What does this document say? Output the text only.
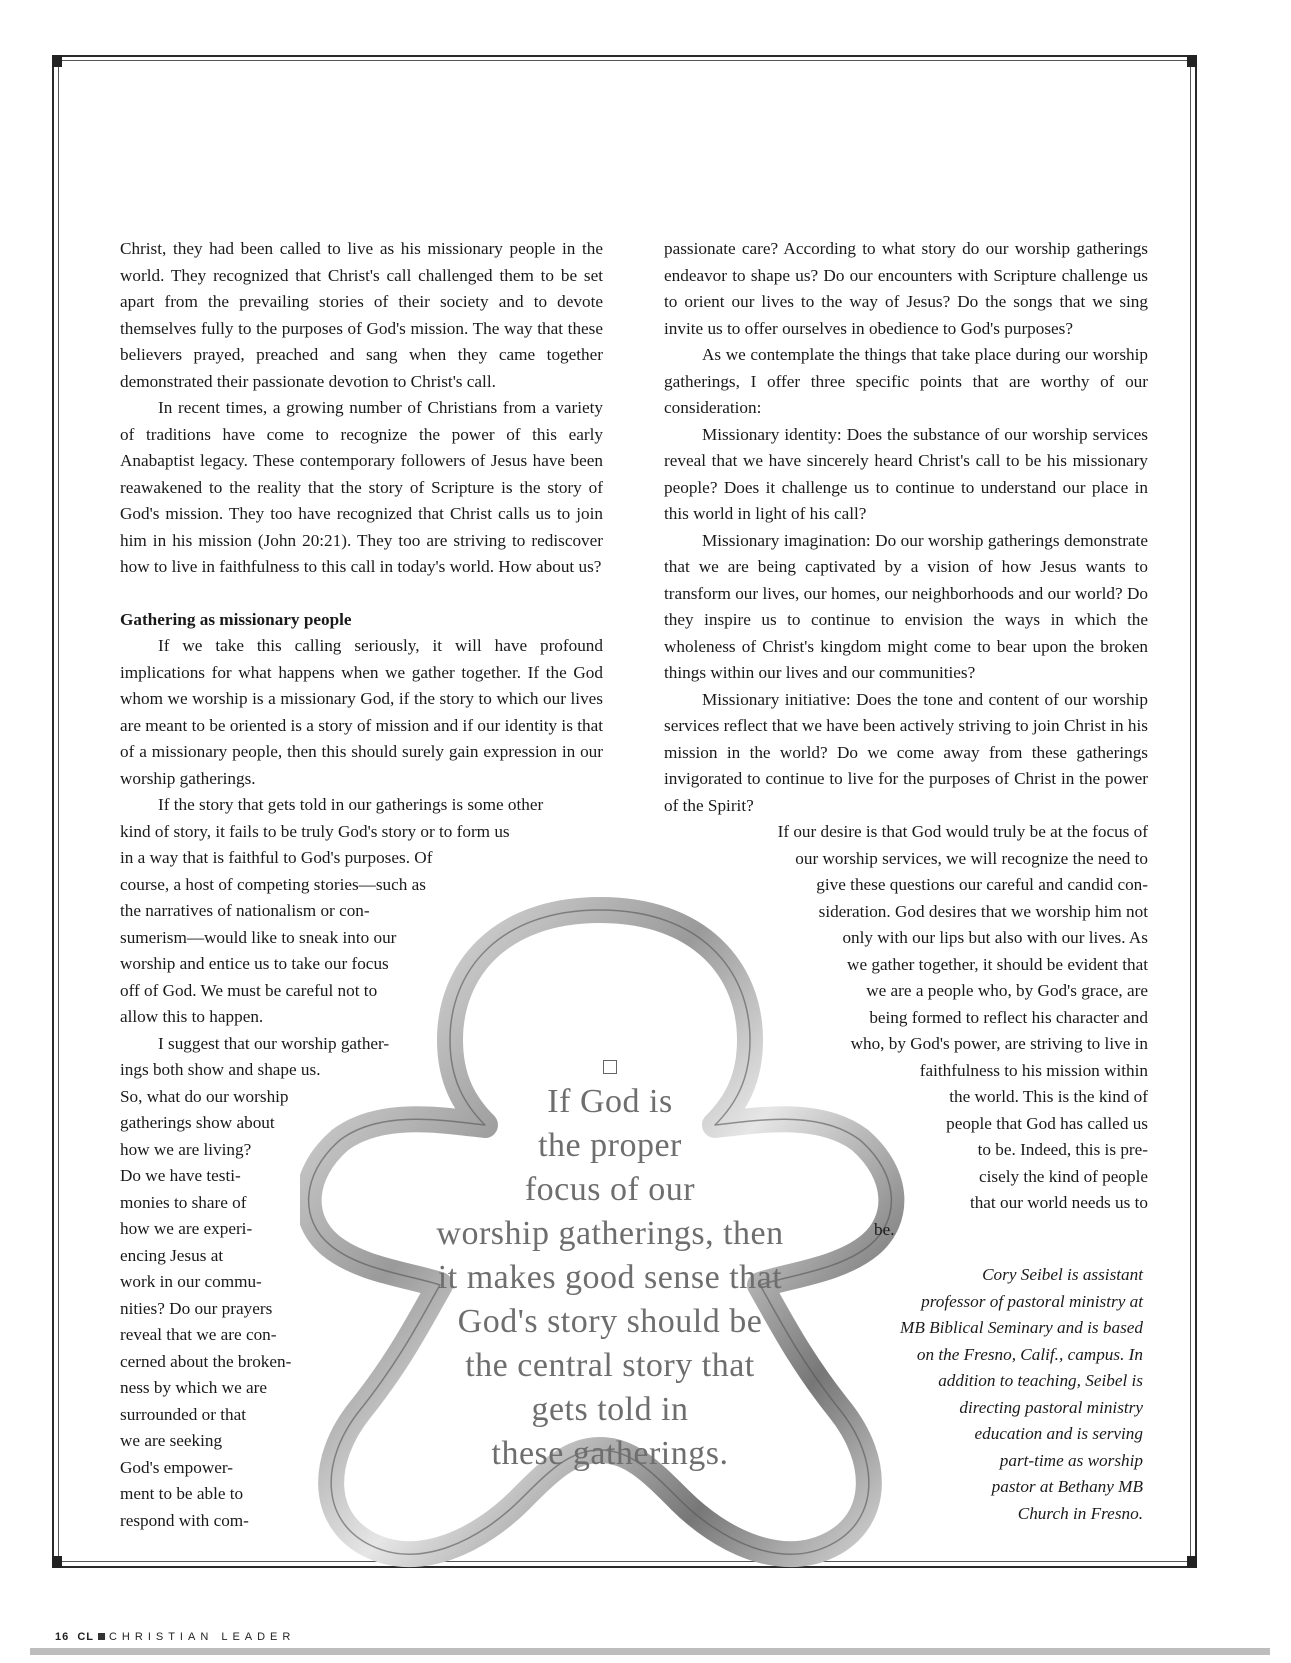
If God is
the proper
focus of our
worship gatherings, then
it makes good sense that
God's story should be
the central story that
gets told in
these gatherings.

Christ, they had been called to live as his missionary people in the world. They recognized that Christ's call challenged them to be set apart from the prevailing stories of their society and to devote themselves fully to the purposes of God's mission. The way that these believers prayed, preached and sang when they came together demonstrated their passionate devotion to Christ's call.

In recent times, a growing number of Christians from a variety of traditions have come to recognize the power of this early Anabaptist legacy. These contemporary followers of Jesus have been reawakened to the reality that the story of Scripture is the story of God's mission. They too have recognized that Christ calls us to join him in his mission (John 20:21). They too are striving to rediscover how to live in faithfulness to this call in today's world. How about us?

Gathering as missionary people

If we take this calling seriously, it will have profound implications for what happens when we gather together. If the God whom we worship is a missionary God, if the story to which our lives are meant to be oriented is a story of mission and if our identity is that of a missionary people, then this should surely gain expression in our worship gatherings.

If the story that gets told in our gatherings is some other
kind of story, it fails to be truly God's story or to form us
in a way that is faithful to God's purposes. Of
course, a host of competing stories—such as
the narratives of nationalism or con-
sumerism—would like to sneak into our
worship and entice us to take our focus
off of God. We must be careful not to
allow this to happen.

I suggest that our worship gather-
ings both show and shape us.
So, what do our worship
gatherings show about
how we are living?
Do we have testi-
monies to share of
how we are experi-
encing Jesus at
work in our commu-
nities? Do our prayers
reveal that we are con-
cerned about the broken-
ness by which we are
surrounded or that
we are seeking
God's empower-
ment to be able to
respond with com-

passionate care? According to what story do our worship gatherings endeavor to shape us? Do our encounters with Scripture challenge us to orient our lives to the way of Jesus? Do the songs that we sing invite us to offer ourselves in obedience to God's purposes?

As we contemplate the things that take place during our worship gatherings, I offer three specific points that are worthy of our consideration:

Missionary identity: Does the substance of our worship services reveal that we have sincerely heard Christ's call to be his missionary people? Does it challenge us to continue to understand our place in this world in light of his call?

Missionary imagination: Do our worship gatherings demonstrate that we are being captivated by a vision of how Jesus wants to transform our lives, our homes, our neighborhoods and our world? Do they inspire us to continue to envision the ways in which the wholeness of Christ's kingdom might come to bear upon the broken things within our lives and our communities?

Missionary initiative: Does the tone and content of our worship services reflect that we have been actively striving to join Christ in his mission in the world? Do we come away from these gatherings invigorated to continue to live for the purposes of Christ in the power of the Spirit?

If our desire is that God would truly be at the focus of
our worship services, we will recognize the need to
give these questions our careful and candid con-
sideration. God desires that we worship him not
only with our lips but also with our lives. As
we gather together, it should be evident that
we are a people who, by God's grace, are
being formed to reflect his character and
who, by God's power, are striving to live in
faithfulness to his mission within
the world. This is the kind of
people that God has called us
to be. Indeed, this is pre-
cisely the kind of people
that our world needs us to
be.

Cory Seibel is assistant
professor of pastoral ministry at
MB Biblical Seminary and is based
on the Fresno, Calif., campus. In
addition to teaching, Seibel is
directing pastoral ministry
education and is serving
part-time as worship
pastor at Bethany MB
Church in Fresno.
16 CL CHRISTIAN LEADER
